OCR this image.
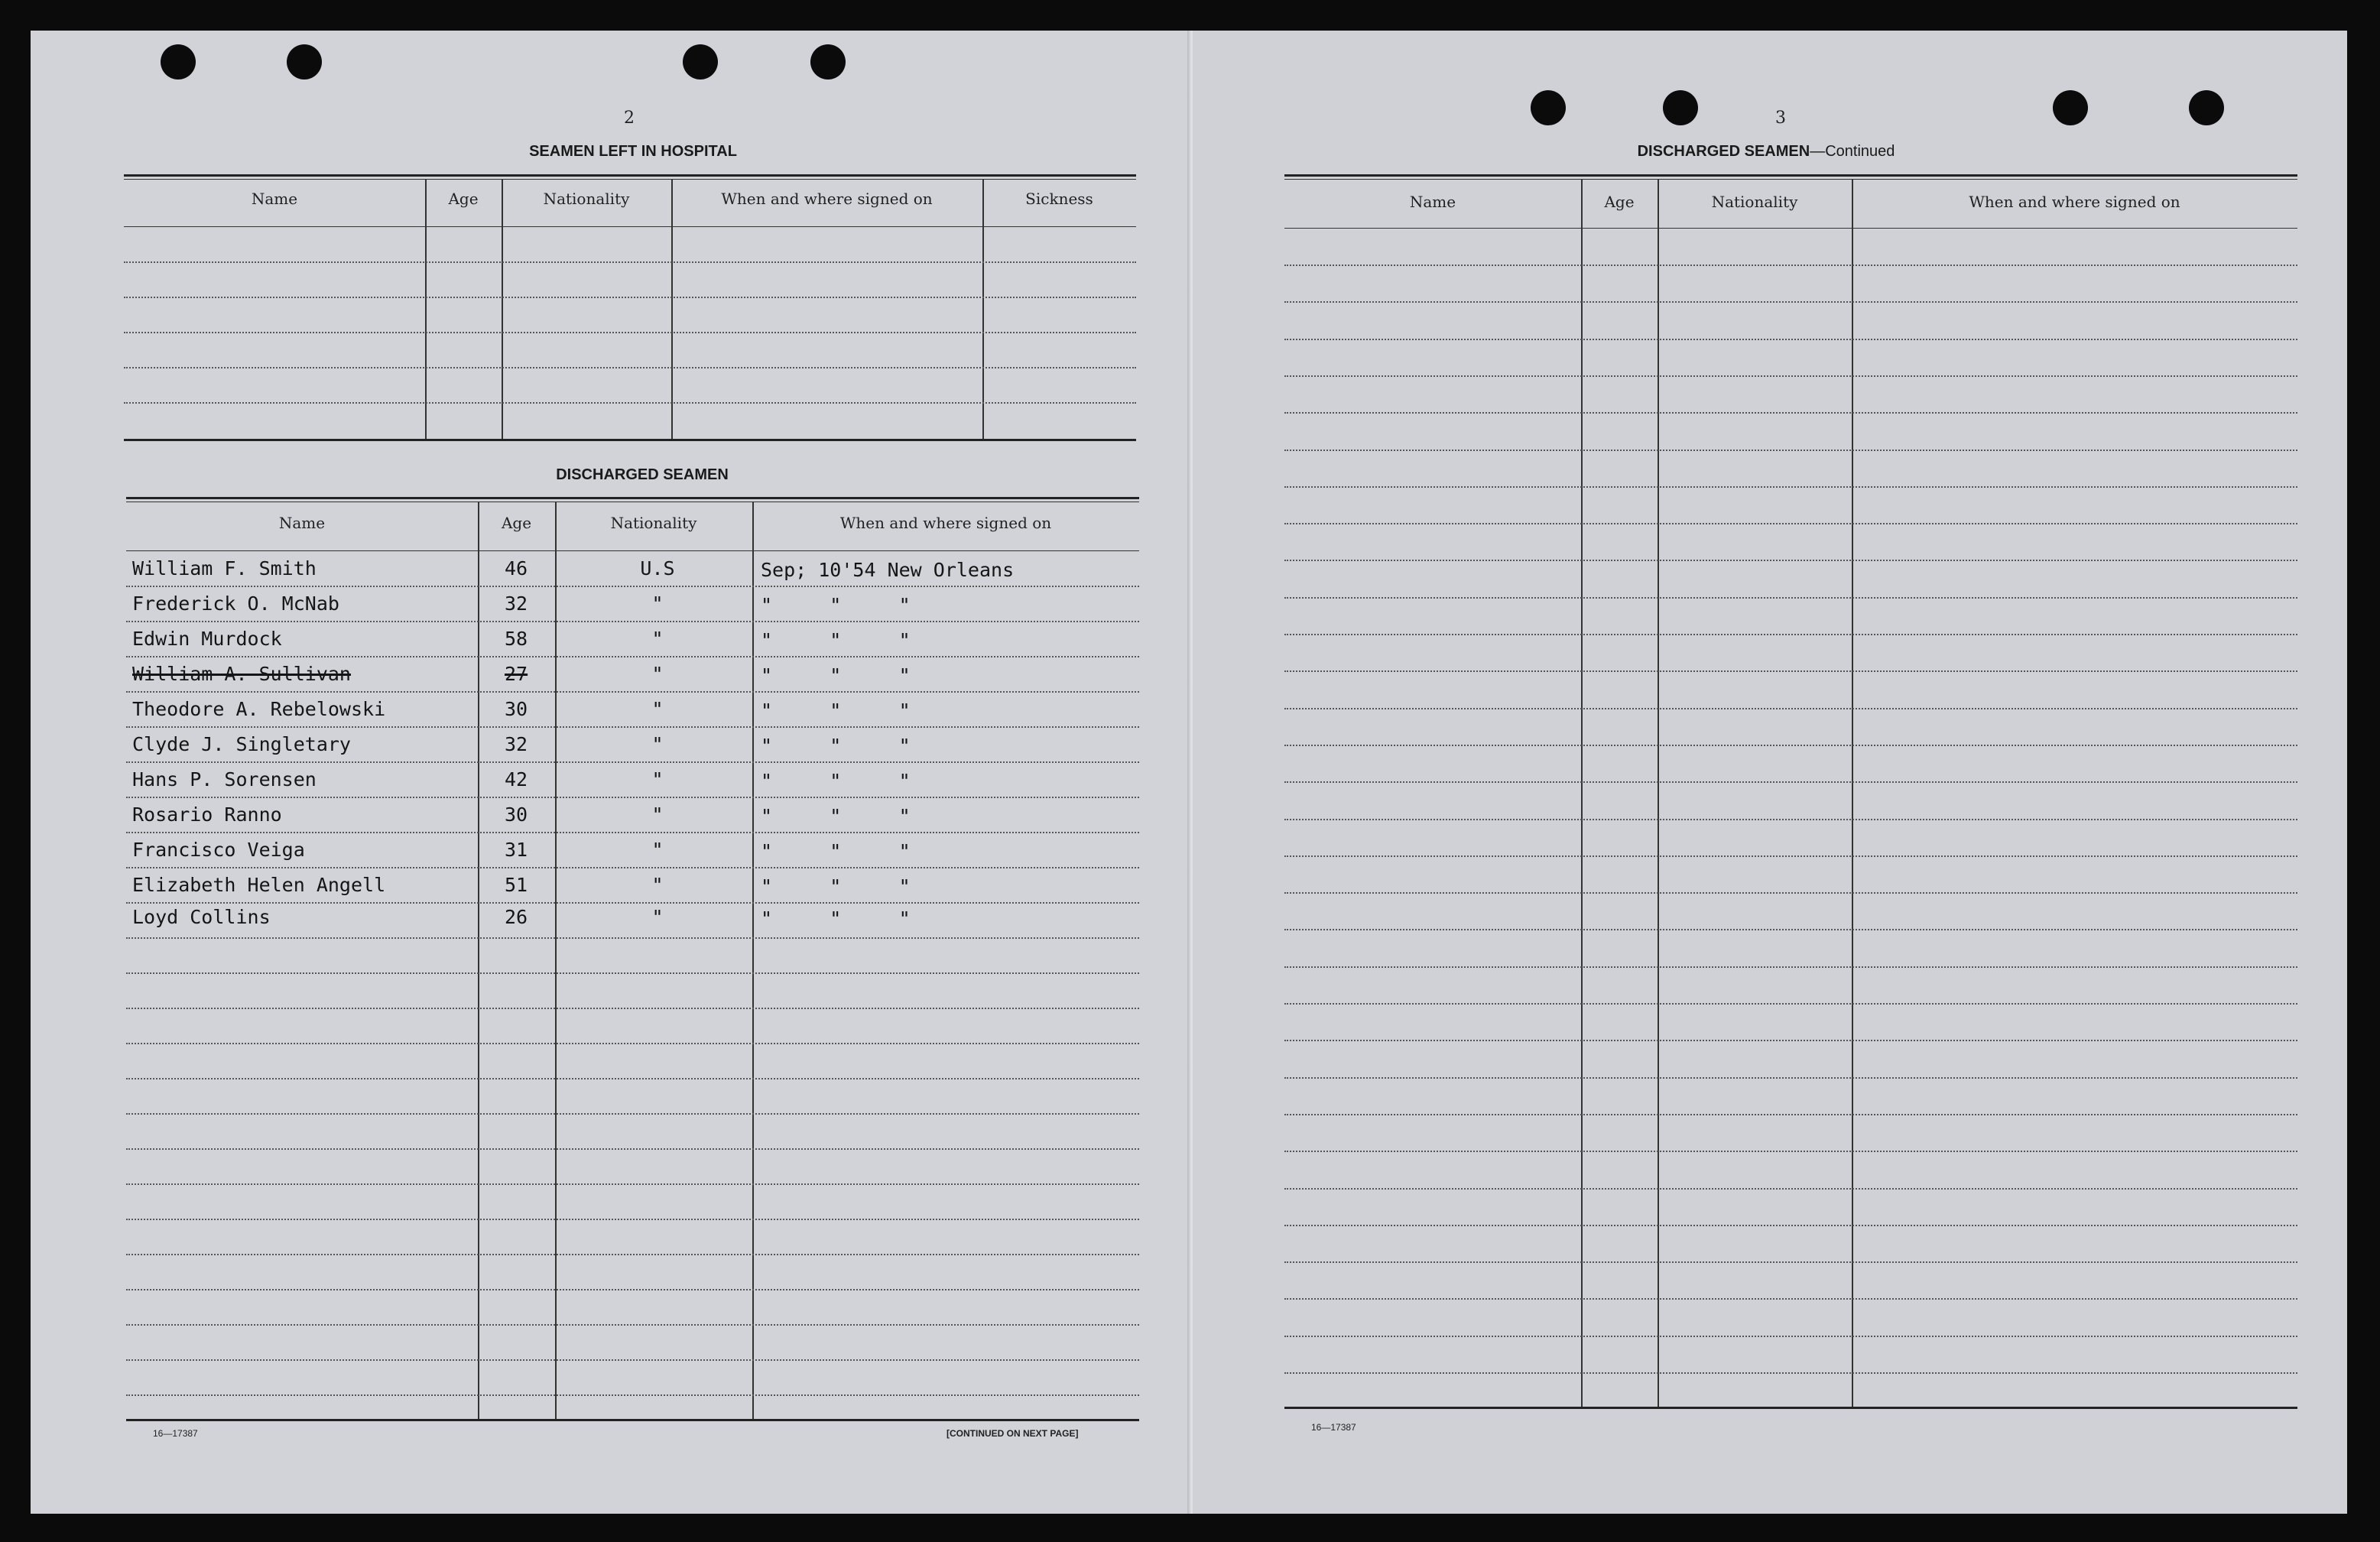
2

SEAMEN LEFT IN HOSPITAL

Name	Age	Nationality	When and where signed on	Sickness

DISCHARGED SEAMEN

Name	Age	Nationality	When and where signed on
William F. Smith	46	U.S	Sep; 10'54 New Orleans
Frederick O. McNab	32	"	"     "     "
Edwin Murdock	58	"	"     "     "
William A. Sullivan	27	"	"     "     "
Theodore A. Rebelowski	30	"	"     "     "
Clyde J. Singletary	32	"	"     "     "
Hans P. Sorensen	42	"	"     "     "
Rosario Ranno	30	"	"     "     "
Francisco Veiga	31	"	"     "     "
Elizabeth Helen Angell	51	"	"     "     "
Loyd Collins	26	"	"     "     "

16—17387	[CONTINUED ON NEXT PAGE]

3

DISCHARGED SEAMEN—Continued

Name	Age	Nationality	When and where signed on

16—17387
